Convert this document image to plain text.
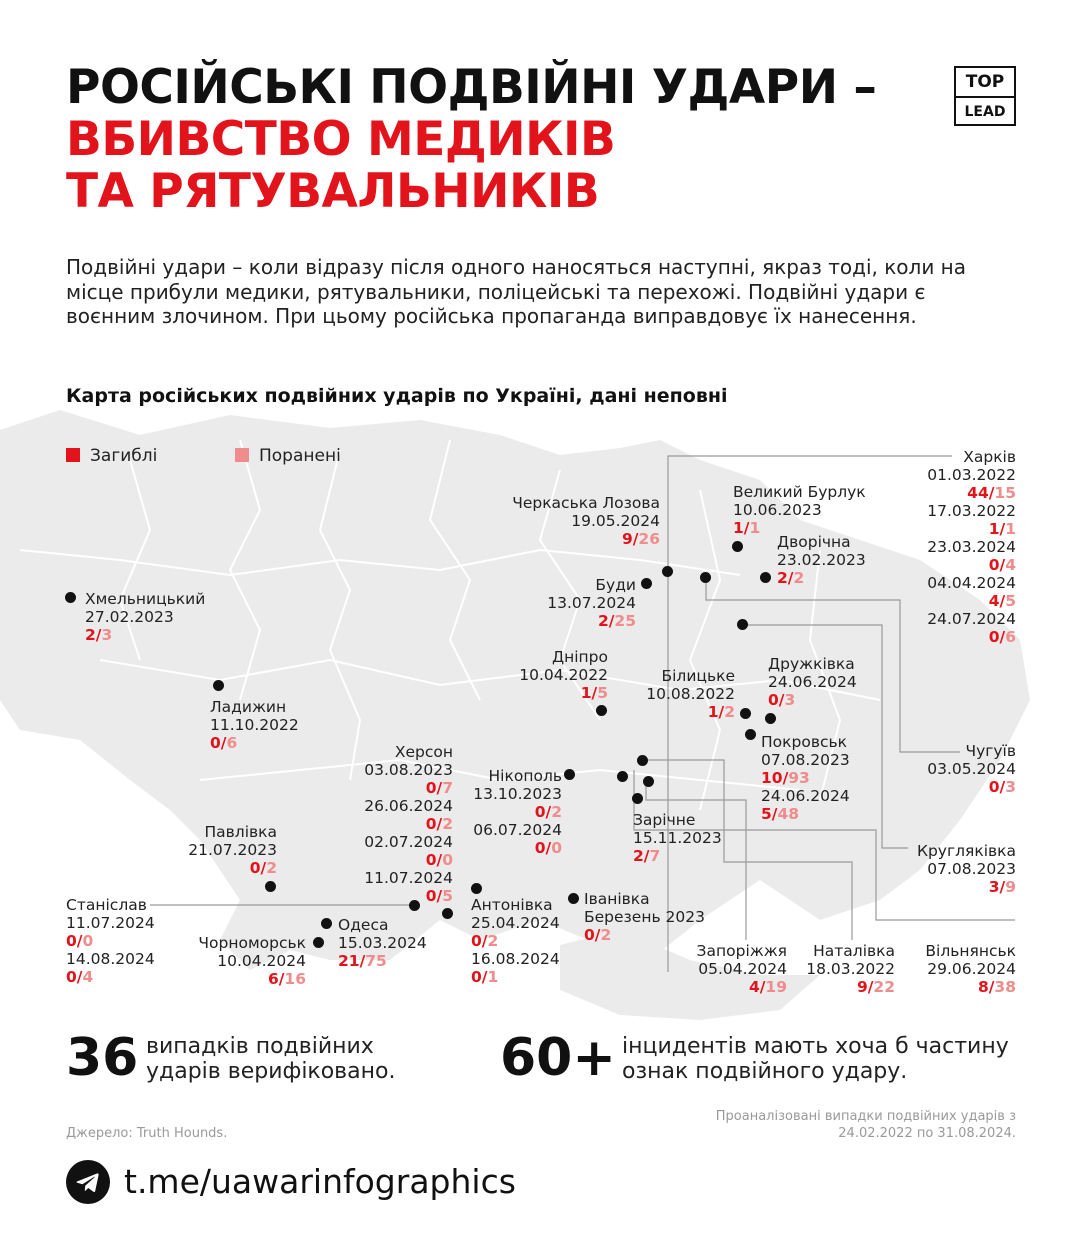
РОСІЙСЬКІ ПОДВІЙНІ УДАРИ –
ВБИВСТВО МЕДИКІВ
ТА РЯТУВАЛЬНИКІВ
TOP
LEAD

Подвійні удари – коли відразу після одного наносяться наступні, якраз тоді, коли на місце прибули медики, рятувальники, поліцейські та перехожі. Подвійні удари є воєнним злочином. При цьому російська пропаганда виправдовує їх нанесення.

Карта російських подвійних ударів по Україні, дані неповні
Загиблі	Поранені	Харків
01.03.2022
44/15
17.03.2022
1/1
23.03.2024
0/4
04.04.2024
4/5
24.07.2024
0/6
Черкаська Лозова
19.05.2024
9/26
Великий Бурлук
10.06.2023
1/1
Дворічна
23.02.2023
2/2
Буди
13.07.2024
2/25
Хмельницький
27.02.2023
2/3
Дніпро
10.04.2022
1/5
Білицьке
10.08.2022
1/2
Дружківка
24.06.2024
0/3
Ладижин
11.10.2022
0/6	Чугуїв
03.05.2024
0/3
Покровськ
07.08.2023
10/93
24.06.2024
5/48
Херсон
03.08.2023
0/7
26.06.2024
0/2
02.07.2024
0/0
11.07.2024
0/5
Нікополь
13.10.2023
0/2
06.07.2024
0/0
Зарічне
15.11.2023
2/7	Кругляківка
07.08.2023
3/9
Павлівка
21.07.2023
0/2
Станіслав
11.07.2024
0/0
14.08.2024
0/4
Одеса
15.03.2024
21/75
Чорноморськ
10.04.2024
6/16
Антонівка
25.04.2024
0/2
16.08.2024
0/1
Іванівка
Березень 2023
0/2
Запоріжжя
05.04.2024
4/19
Наталівка
18.03.2022
9/22
Вільнянськ
29.06.2024
8/38
36 випадків подвійних ударів верифіковано.	60+ інцидентів мають хоча б частину ознак подвійного удару.
Джерело: Truth Hounds.
Проаналізовані випадки подвійних ударів з 24.02.2022 по 31.08.2024.
t.me/uawarinfographics
